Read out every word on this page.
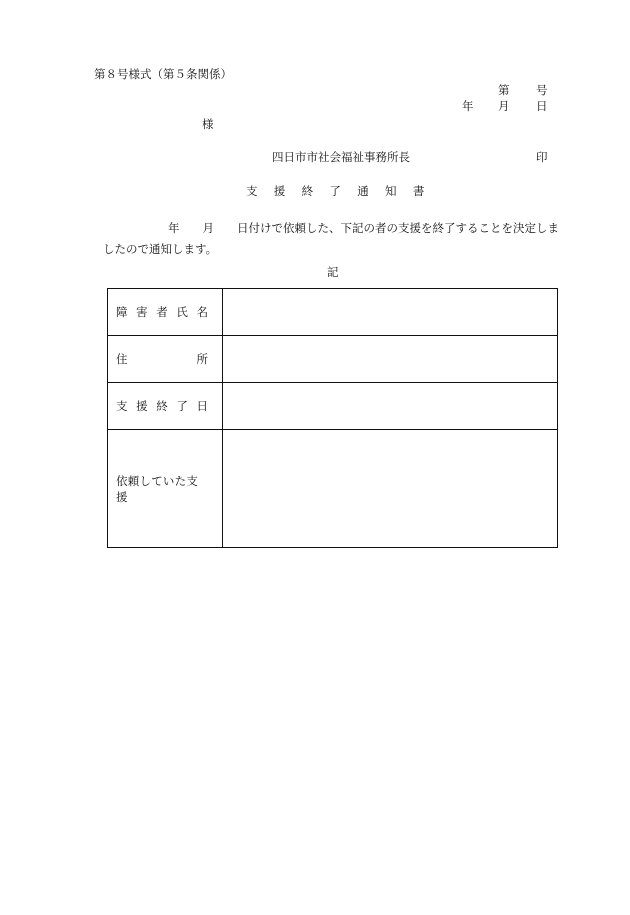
第８号様式（第５条関係）
第 号
年 月 日
様
四日市市社会福祉事務所長	印
支 援 終 了 通 知 書
年　　月　　日付けで依頼した、下記の者の支援を終了することを決定しま
したので通知します。
記
障 害 者 氏 名	

住 所	

支 援 終 了 日	

依頼していた支援	
